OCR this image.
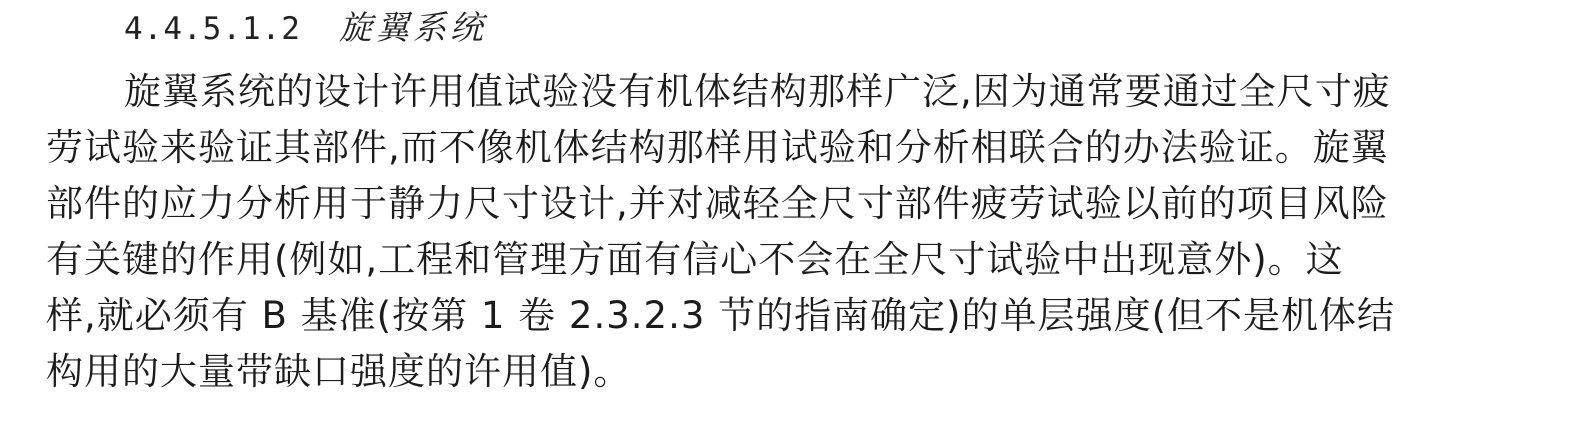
4.4.5.1.2 旋翼系统
旋翼系统的设计许用值试验没有机体结构那样广泛,因为通常要通过全尺寸疲
劳试验来验证其部件,而不像机体结构那样用试验和分析相联合的办法验证。旋翼
部件的应力分析用于静力尺寸设计,并对减轻全尺寸部件疲劳试验以前的项目风险
有关键的作用(例如,工程和管理方面有信心不会在全尺寸试验中出现意外)。这
样,就必须有 B 基准(按第 1 卷 2.3.2.3 节的指南确定)的单层强度(但不是机体结
构用的大量带缺口强度的许用值)。
